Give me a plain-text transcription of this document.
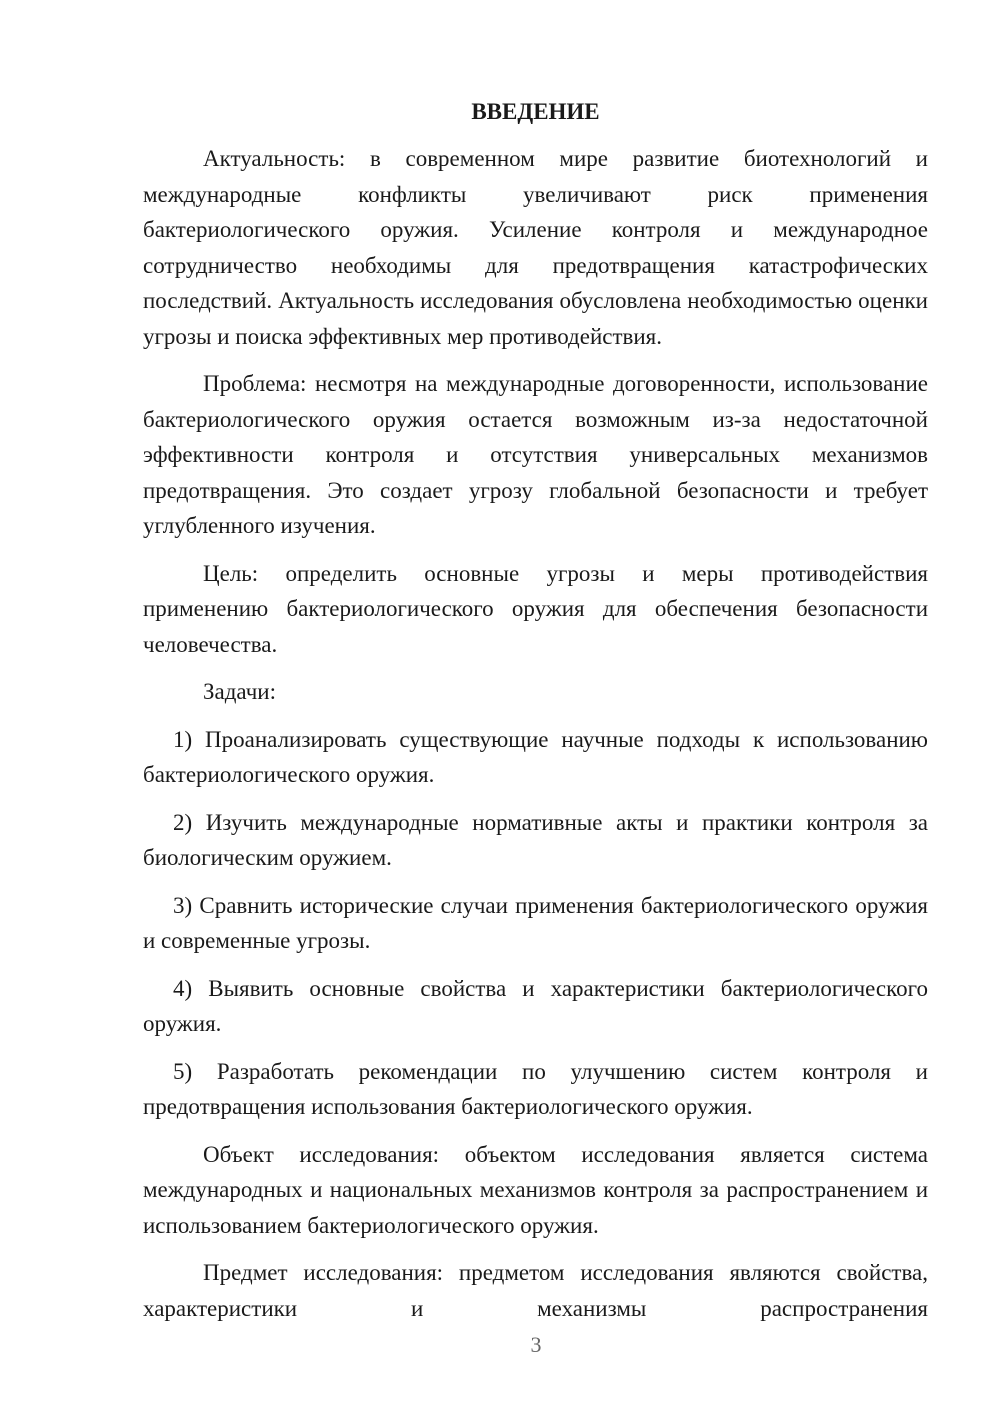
ВВЕДЕНИЕ

Актуальность: в современном мире развитие биотехнологий и международные конфликты увеличивают риск применения бактериологического оружия. Усиление контроля и международное сотрудничество необходимы для предотвращения катастрофических последствий. Актуальность исследования обусловлена необходимостью оценки угрозы и поиска эффективных мер противодействия.

Проблема: несмотря на международные договоренности, использование бактериологического оружия остается возможным из-за недостаточной эффективности контроля и отсутствия универсальных механизмов предотвращения. Это создает угрозу глобальной безопасности и требует углубленного изучения.

Цель: определить основные угрозы и меры противодействия применению бактериологического оружия для обеспечения безопасности человечества.

Задачи:

1) Проанализировать существующие научные подходы к использованию бактериологического оружия.

2) Изучить международные нормативные акты и практики контроля за биологическим оружием.

3) Сравнить исторические случаи применения бактериологического оружия и современные угрозы.

4) Выявить основные свойства и характеристики бактериологического оружия.

5) Разработать рекомендации по улучшению систем контроля и предотвращения использования бактериологического оружия.

Объект исследования: объектом исследования является система международных и национальных механизмов контроля за распространением и использованием бактериологического оружия.

Предмет исследования: предметом исследования являются свойства, характеристики и механизмы распространения

3
